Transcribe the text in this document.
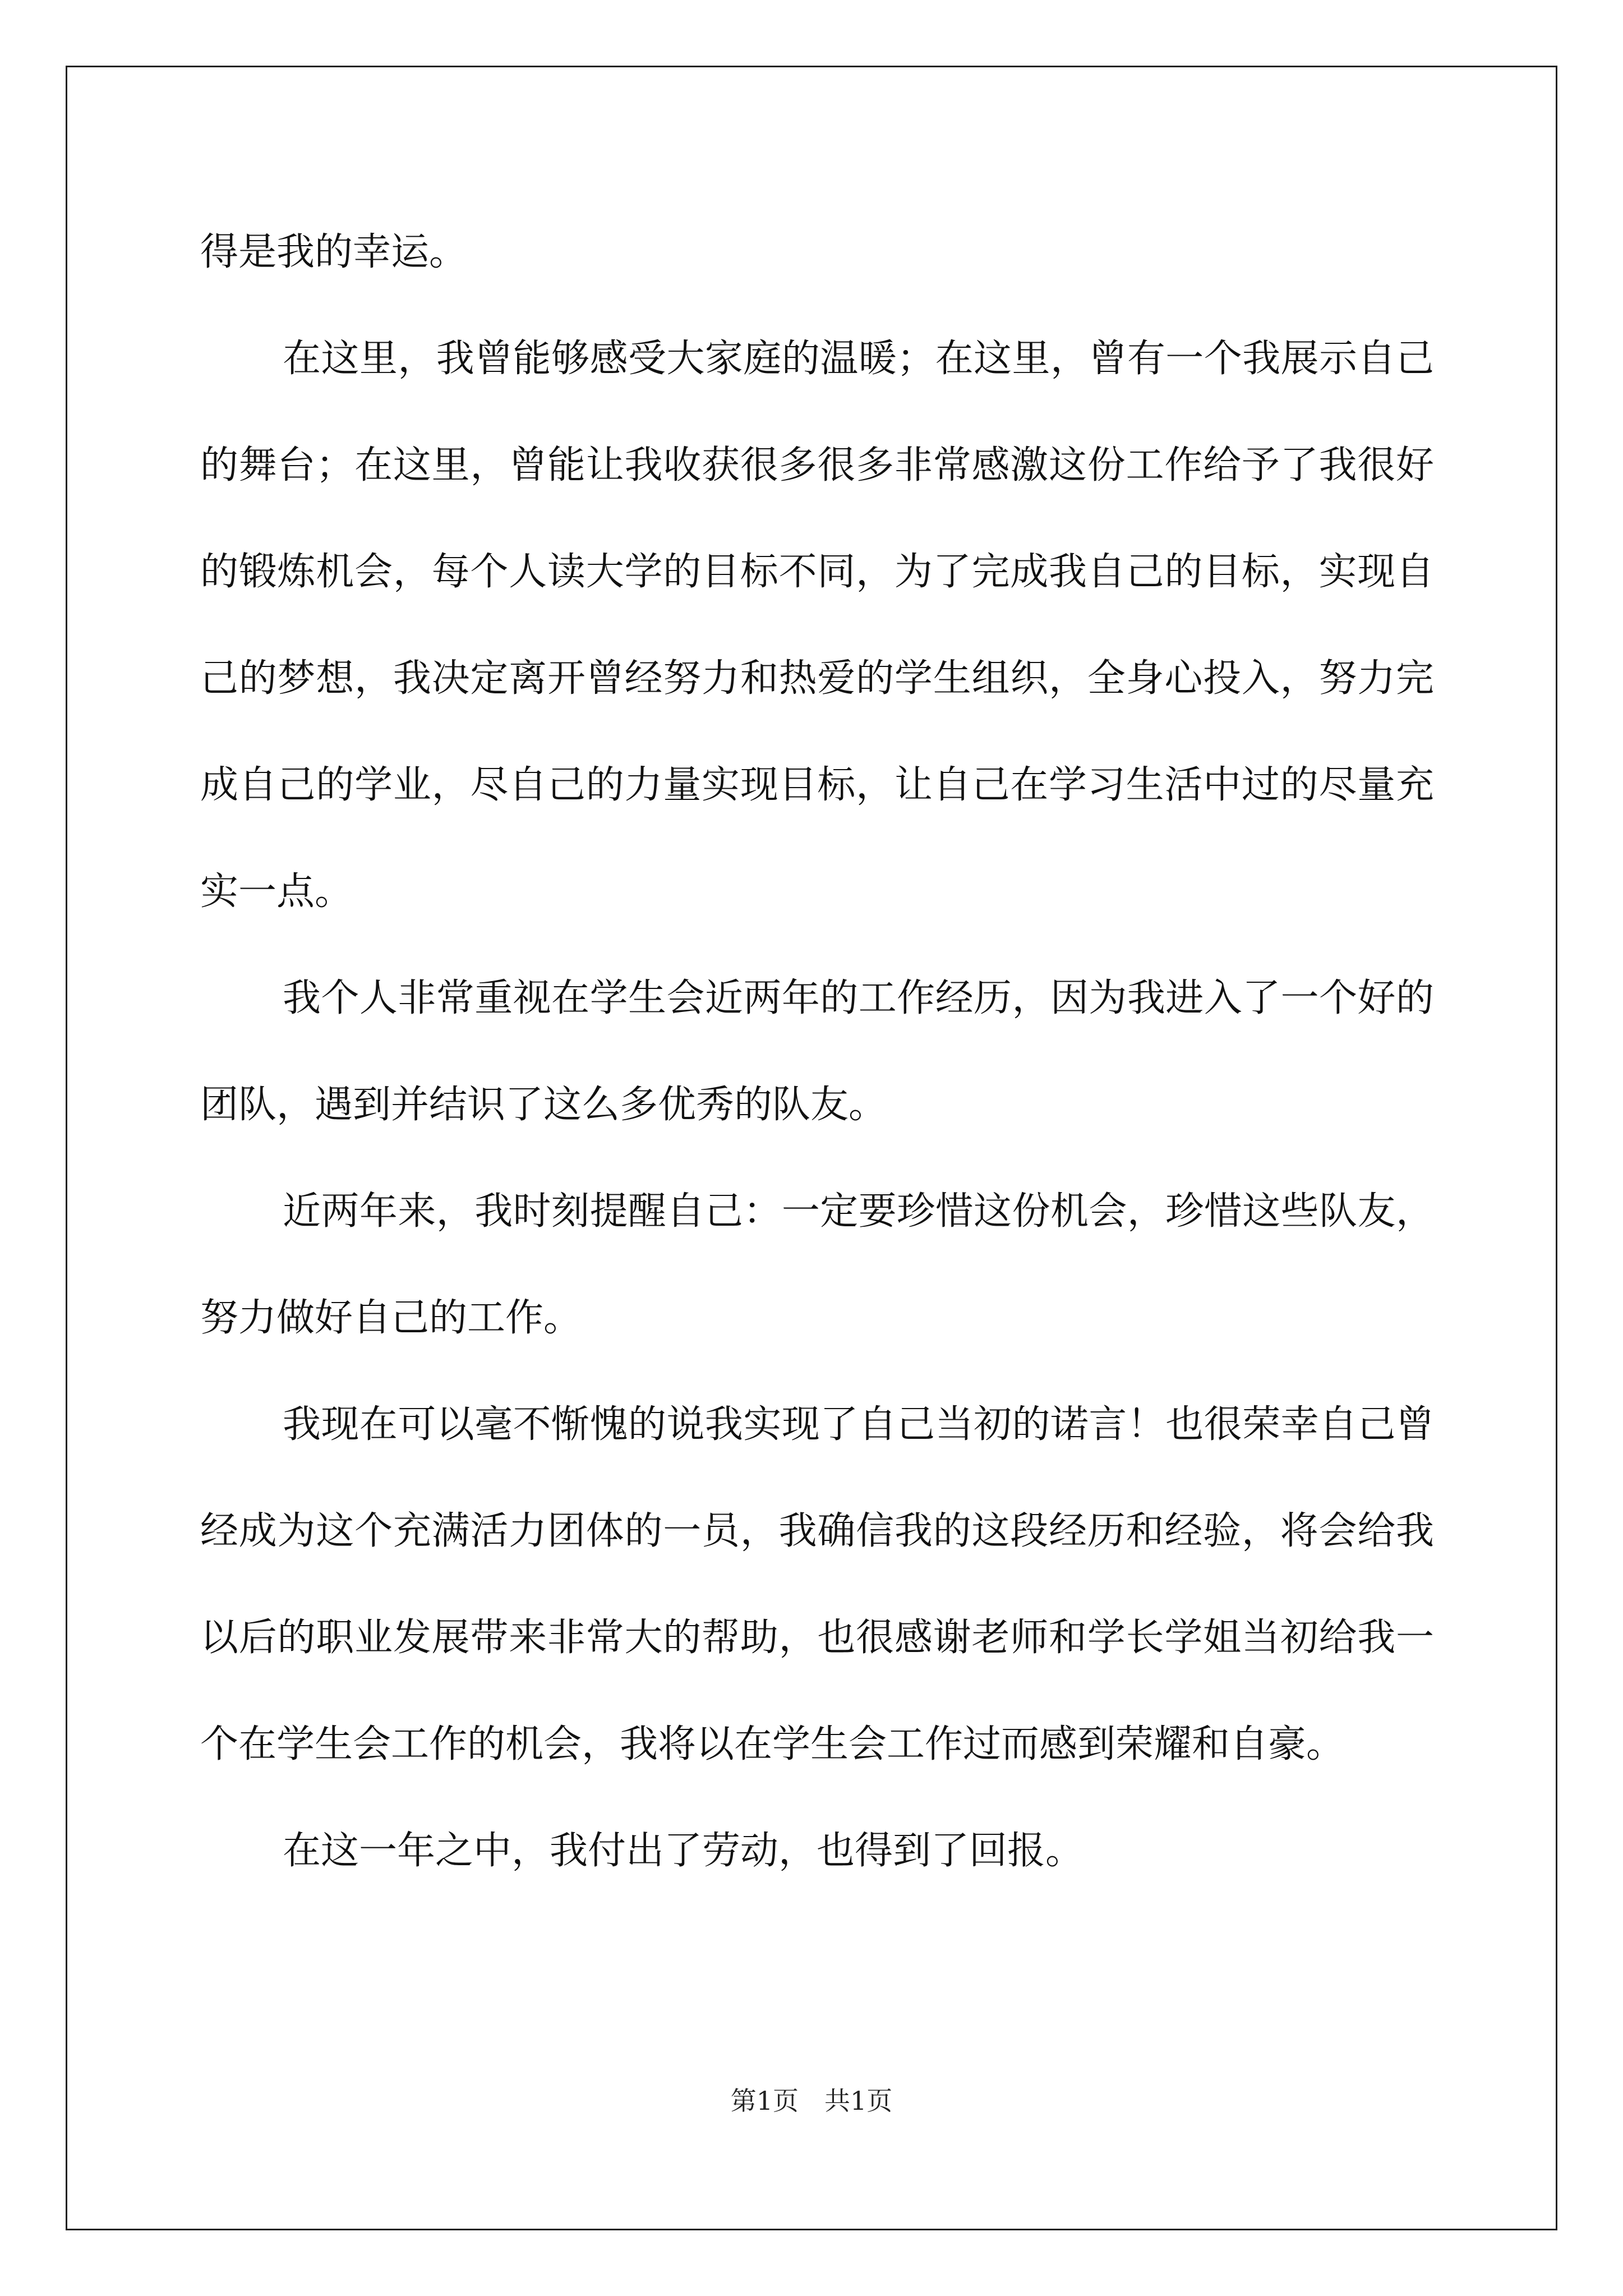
得是我的幸运。

在这里，我曾能够感受大家庭的温暖；在这里，曾有一个我展示自己的舞台；在这里，曾能让我收获很多很多非常感激这份工作给予了我很好的锻炼机会，每个人读大学的目标不同，为了完成我自己的目标，实现自己的梦想，我决定离开曾经努力和热爱的学生组织，全身心投入，努力完成自己的学业，尽自己的力量实现目标，让自己在学习生活中过的尽量充实一点。

我个人非常重视在学生会近两年的工作经历，因为我进入了一个好的团队，遇到并结识了这么多优秀的队友。

近两年来，我时刻提醒自己：一定要珍惜这份机会，珍惜这些队友，努力做好自己的工作。

我现在可以毫不惭愧的说我实现了自己当初的诺言！也很荣幸自己曾经成为这个充满活力团体的一员，我确信我的这段经历和经验，将会给我以后的职业发展带来非常大的帮助，也很感谢老师和学长学姐当初给我一个在学生会工作的机会，我将以在学生会工作过而感到荣耀和自豪。

在这一年之中，我付出了劳动，也得到了回报。

第1页　共1页
